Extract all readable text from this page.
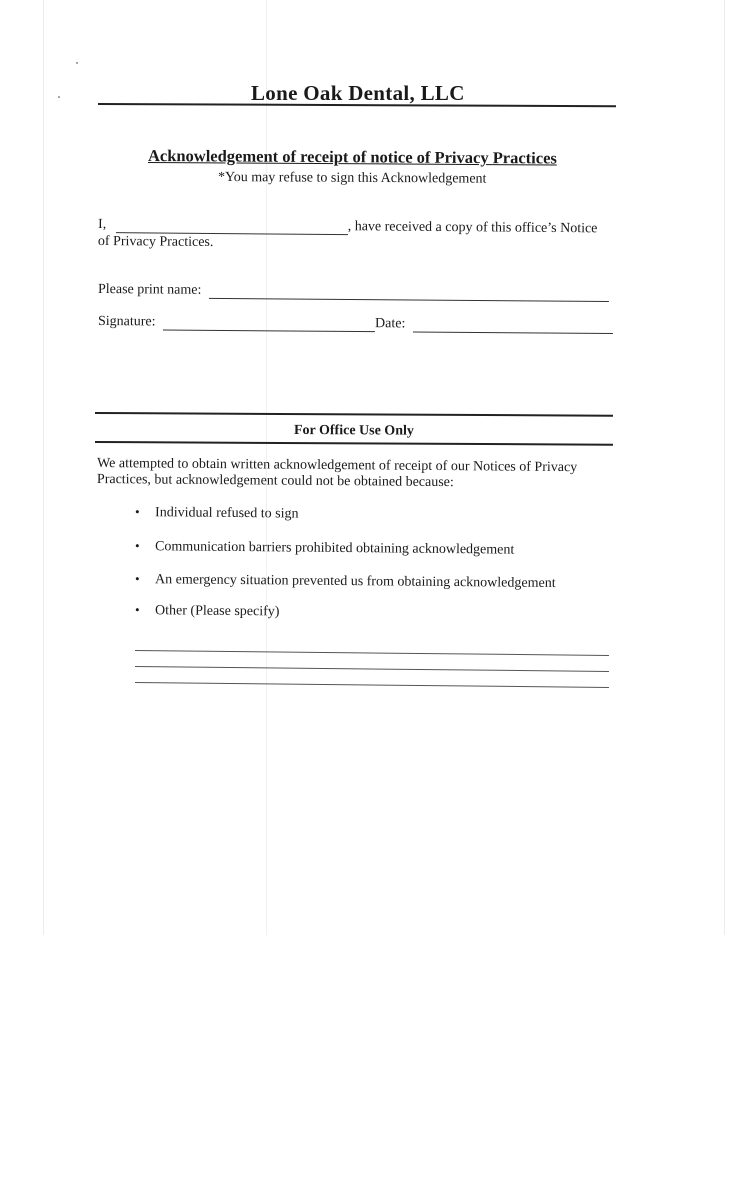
Lone Oak Dental, LLC
Acknowledgement of receipt of notice of Privacy Practices
*You may refuse to sign this Acknowledgement
I,	, have received a copy of this office’s Notice
of Privacy Practices.
Please print name:
Signature:	Date:
For Office Use Only
We attempted to obtain written acknowledgement of receipt of our Notices of Privacy
Practices, but acknowledgement could not be obtained because:
• Individual refused to sign
• Communication barriers prohibited obtaining acknowledgement
• An emergency situation prevented us from obtaining acknowledgement
• Other (Please specify)
